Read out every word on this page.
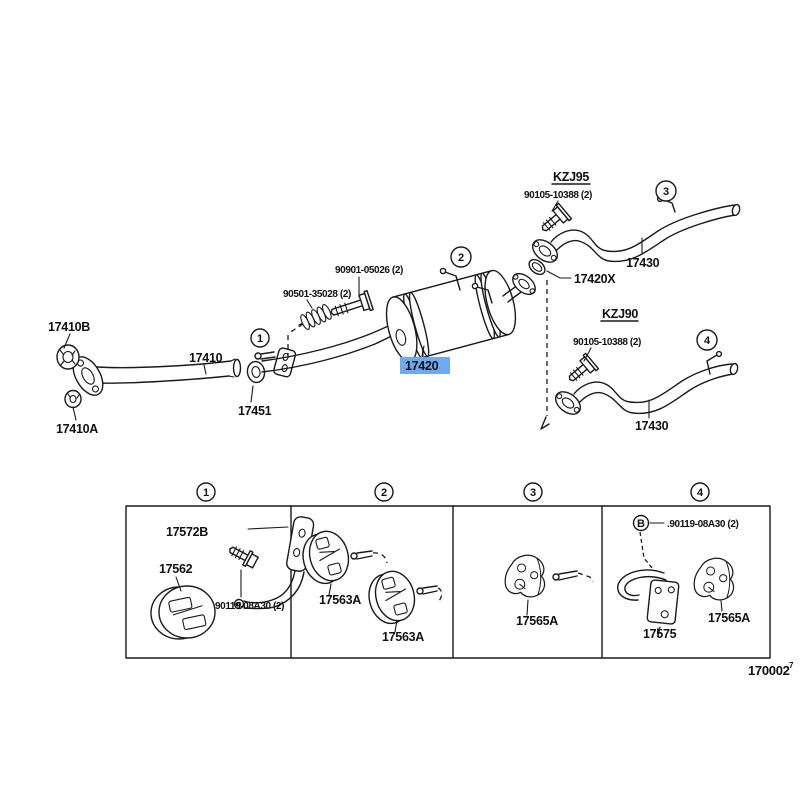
17410B
17410A
17410
17451
90901-05026 (2)
90501-35028 (2)
17420
17420X
KZJ95
90105-10388 (2)
17430
KZJ90
90105-10388 (2)
17430
1
2
3
4
1	2	3	4
17572B
17562
90119-08A30 (2)	17563A
17563A
17565A
B .90119-08A30 (2)
17575
17565A
170002 7
